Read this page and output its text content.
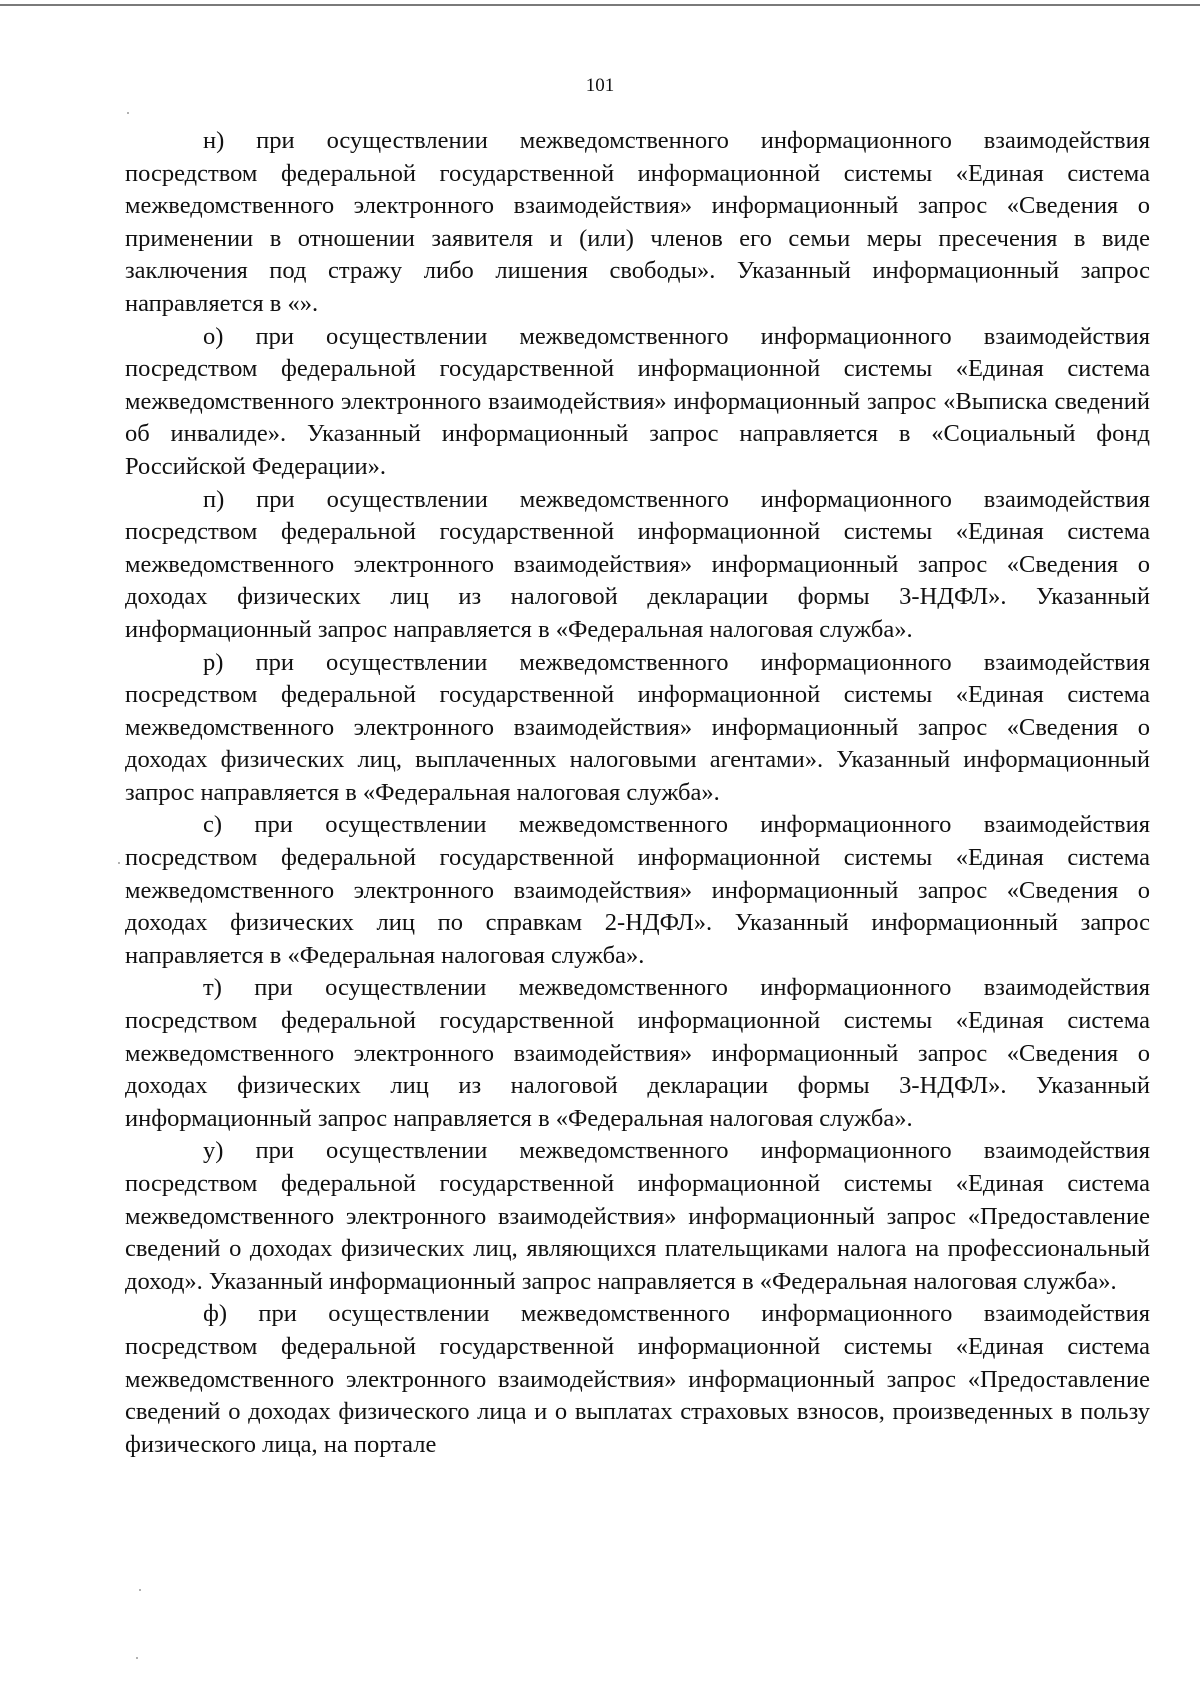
101

н) при осуществлении межведомственного информационного взаимодействия посредством федеральной государственной информационной системы «Единая система межведомственного электронного взаимодействия» информационный запрос «Сведения о применении в отношении заявителя и (или) членов его семьи меры пресечения в виде заключения под стражу либо лишения свободы». Указанный информационный запрос направляется в «».

о) при осуществлении межведомственного информационного взаимодействия посредством федеральной государственной информационной системы «Единая система межведомственного электронного взаимодействия» информационный запрос «Выписка сведений об инвалиде». Указанный информационный запрос направляется в «Социальный фонд Российской Федерации».

п) при осуществлении межведомственного информационного взаимодействия посредством федеральной государственной информационной системы «Единая система межведомственного электронного взаимодействия» информационный запрос «Сведения о доходах физических лиц из налоговой декларации формы 3-НДФЛ». Указанный информационный запрос направляется в «Федеральная налоговая служба».

р) при осуществлении межведомственного информационного взаимодействия посредством федеральной государственной информационной системы «Единая система межведомственного электронного взаимодействия» информационный запрос «Сведения о доходах физических лиц, выплаченных налоговыми агентами». Указанный информационный запрос направляется в «Федеральная налоговая служба».

с) при осуществлении межведомственного информационного взаимодействия посредством федеральной государственной информационной системы «Единая система межведомственного электронного взаимодействия» информационный запрос «Сведения о доходах физических лиц по справкам 2-НДФЛ». Указанный информационный запрос направляется в «Федеральная налоговая служба».

т) при осуществлении межведомственного информационного взаимодействия посредством федеральной государственной информационной системы «Единая система межведомственного электронного взаимодействия» информационный запрос «Сведения о доходах физических лиц из налоговой декларации формы 3-НДФЛ». Указанный информационный запрос направляется в «Федеральная налоговая служба».

у) при осуществлении межведомственного информационного взаимодействия посредством федеральной государственной информационной системы «Единая система межведомственного электронного взаимодействия» информационный запрос «Предоставление сведений о доходах физических лиц, являющихся плательщиками налога на профессиональный доход». Указанный информационный запрос направляется в «Федеральная налоговая служба».

ф) при осуществлении межведомственного информационного взаимодействия посредством федеральной государственной информационной системы «Единая система межведомственного электронного взаимодействия» информационный запрос «Предоставление сведений о доходах физического лица и о выплатах страховых взносов, произведенных в пользу физического лица, на портале
